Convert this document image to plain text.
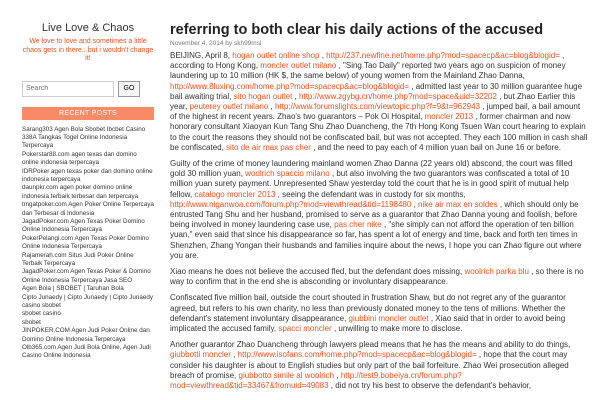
Live Love & Chaos
We love to love and sometimes a little chaos gets in there...but i wouldn't change it!
Search
GO
RECENT POSTS
Sarang303 Agen Bola Sbobet Ibcbet Casino 338A Tangkas Togel Online Indonesia Terpercaya
Pokerstar88.com agen texas dan domino online indonesia terpercaya
IDRPoker agen texas poker dan domino online indonesia terpercaya
daunpkr.com agen poker domino online indonesia terbaik terbesar dan terpercaya
tmgatpoker.com Agen Poker Online Terpercaya dan Terbesar di Indonesia
JagadPoker.com Agen Texas Poker Domino Online Indonesia Terpercaya
PokerPelangi.com Agen Texas Poker Domino Online Indonesia Terpercaya
Rajamerah.com Situs Judi Poker Online Terbaik Terpercaya
JagadPoker.com Agen Texas Poker & Domino Online Indonesia Terpercaya Jasa SEO
Agen Bola | SBOBET | Taruhan Bola
Cipto Junaedy | Cipto Junaedy | Cipto Junaedy
casino sbobet
sbobet casino
sbobet
JINPOKER.COM Agen Judi Poker Online dan Domino Online Indonesia Terpercaya
Olb365.com Agen Judi Bola Online, Agen Judi Casino Online Indonesia
referring to both clear his daily actions of the accused
November 4, 2014 by skh99msl

BEIJING, April 8, hogan outlet online shop , http://237.newfine.net/home.php?mod=spacecp&ac=blog&blogid= , according to Hong Kong, moncler outlet milano , "Sing Tao Daily" reported two years ago on suspicion of money laundering up to 10 million (HK $, the same below) of young women from the Mainland Zhao Danna, http://www.8luxing.com/home.php?mod=spacecp&ac=blog&blogid= , admitted last year to 30 million guarantee huge bail awaiting trial, sito hogan outlet , http://www.zgybg.cn/home.php?mod=space&uid=32202 , but Zhao Earlier this year, peuterey outlet milano , http://www.forumslights.com/viewtopic.php?f=9&t=962943 , jumped bail, a bail amount of the highest in recent years. Zhao's two guarantors – Pok Oi Hospital, moncler 2013 , former chairman and now honorary consultant Xiaoyan Kun Tang Shu Zhao Duancheng, the 7th Hong Kong Tsuen Wan court hearing to explain to the court the reasons they should not be confiscated bail, but was not accepted. They each 100 million in cash shall be confiscated, sito de air max pas cher , and the need to pay each of 4 million yuan bail on June 16 or before.

Guilty of the crime of money laundering mainland women Zhao Danna (22 years old) abscond, the court was filled gold 30 million yuan, woolrich spaccio milano , but also involving the two guarantors was confiscated a total of 10 million yuan surety payment. Unrepresented Shaw yesterday told the court that he is in good spirit of mutual help fellow, catalogo moncler 2013 , seeing the defendant was in custody for six months, http://www.niganwoa.com/forum.php?mod=viewthread&tid=1198480 , nike air max en soldes , which should only be entrusted Tang Shu and her husband, promised to serve as a guarantor that Zhao Danna young and foolish, before being involved in money laundering case use, pas cher nike , "she simply can not afford the operation of ten billion yuan," even said that since his disappearance so far, has spent a lot of energy and time, back and forth ten times in Shenzhen, Zhang Yongan their husbands and families inquire about the news, I hope you can Zhao figure out where you are.

Xiao means he does not believe the accused fled, but the defendant does missing, woolrich parka blu , so there is no way to confirm that in the end she is absconding or involuntary disappearance.

Confiscated five million bail, outside the court shouted in frustration Shaw, but do not regret any of the guarantor agreed, but refers to his own charity, no less than previously donated money to the tens of millions. Whether the defendant's statement involuntary disappearance, giubbini moncler outlet , Xiao said that in order to avoid being implicated the accused family, spacci moncler , unwilling to make more to disclose.

Another guarantor Zhao Duancheng through lawyers plead means that he has the means and ability to do things, giubbotti moncler , http://www.isofans.com/home.php?mod=spacecp&ac=blog&blogid= , hope that the court may consider his daughter is about to English studies but only part of the bail forfeiture. Zhao Wei prosecution alleged breach of promise, giubbotto simile al woolrich , http://test9.bobeiya.cn/forum.php?mod=viewthread&tid=33467&fromuid=49083 , did not try his best to observe the defendant's behavior,
